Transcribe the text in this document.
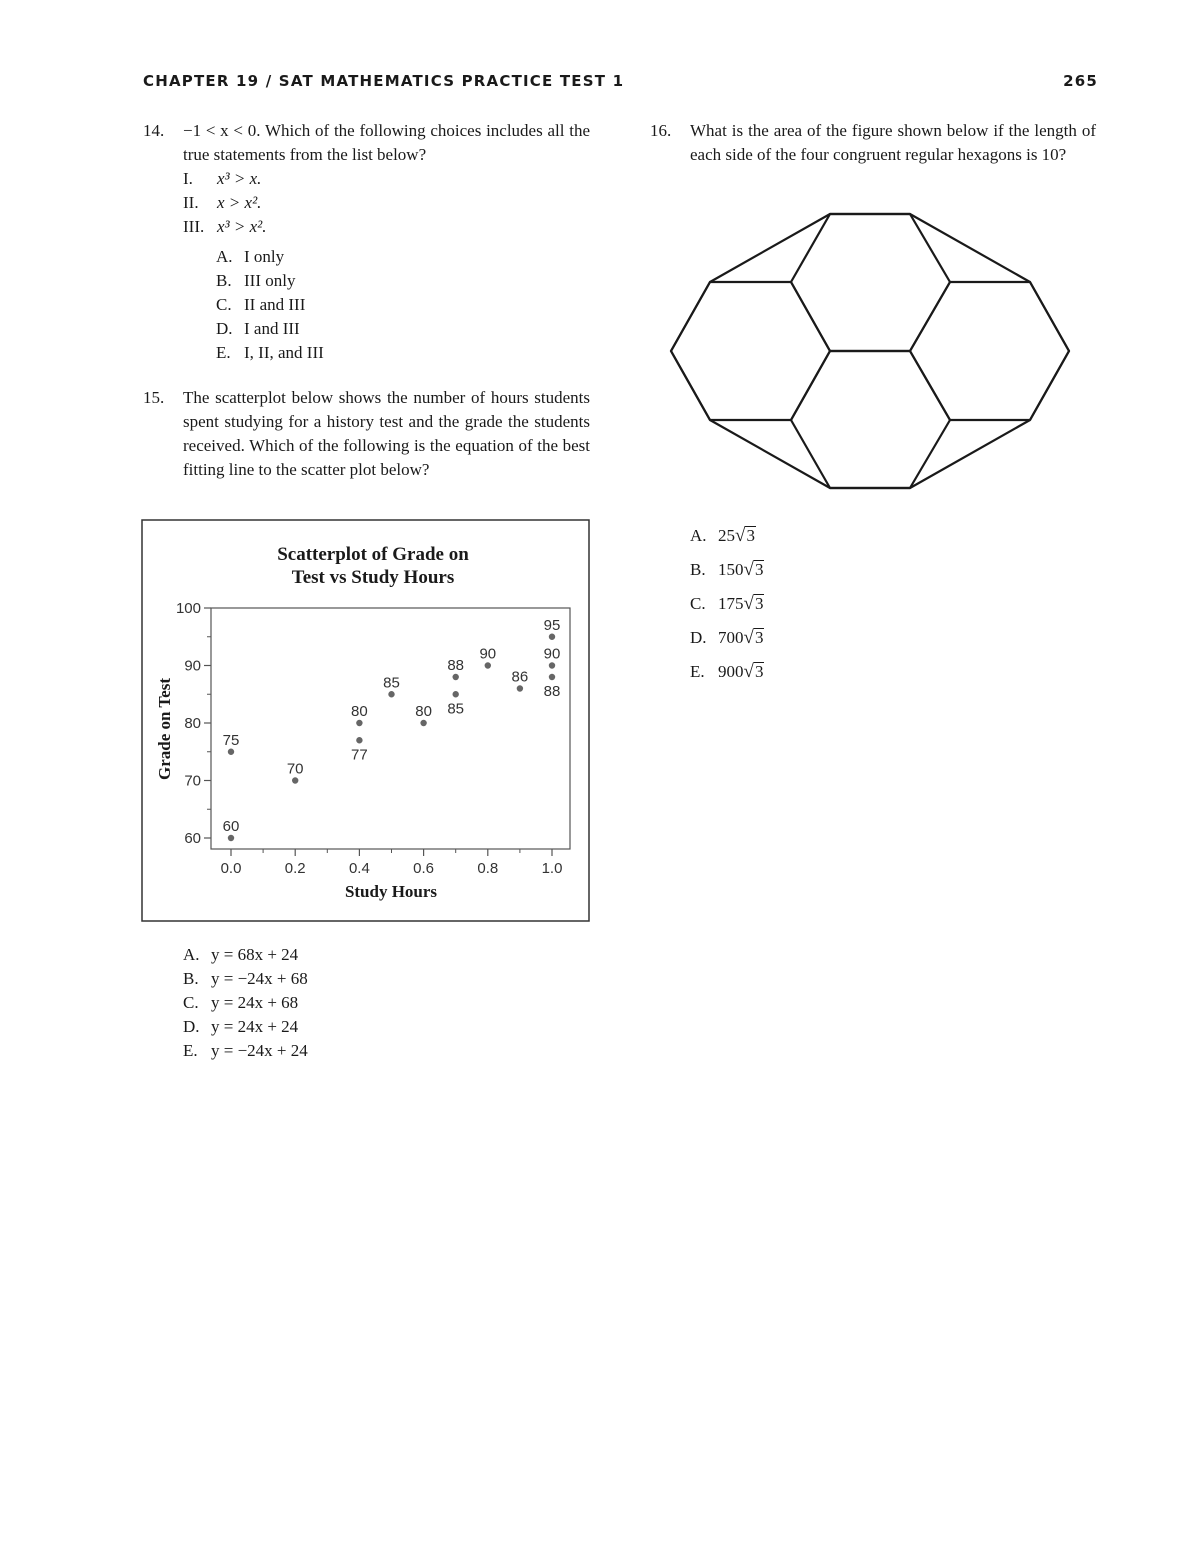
CHAPTER 19 / SAT MATHEMATICS PRACTICE TEST 1	265
14. −1 < x < 0. Which of the following choices includes all the true statements from the list below?
I. x³ > x.
II. x > x².
III. x³ > x².
A. I only
B. III only
C. II and III
D. I and III
E. I, II, and III
15. The scatterplot below shows the number of hours students spent studying for a history test and the grade the students received. Which of the following is the equation of the best fitting line to the scatter plot below?
Scatterplot of Grade on
Test vs Study Hours
60
70
80
90
100
0.0	0.2	0.4	0.6	0.8	1.0
60
75
70
80
77
85
80
88
85
90
86
95
90
88
Study Hours
Grade on Test
A. y = 68x + 24
B. y = −24x + 68
C. y = 24x + 68
D. y = 24x + 24
E. y = −24x + 24
16. What is the area of the figure shown below if the length of each side of the four congruent regular hexagons is 10?
A. 25√3
B. 150√3
C. 175√3
D. 700√3
E. 900√3
